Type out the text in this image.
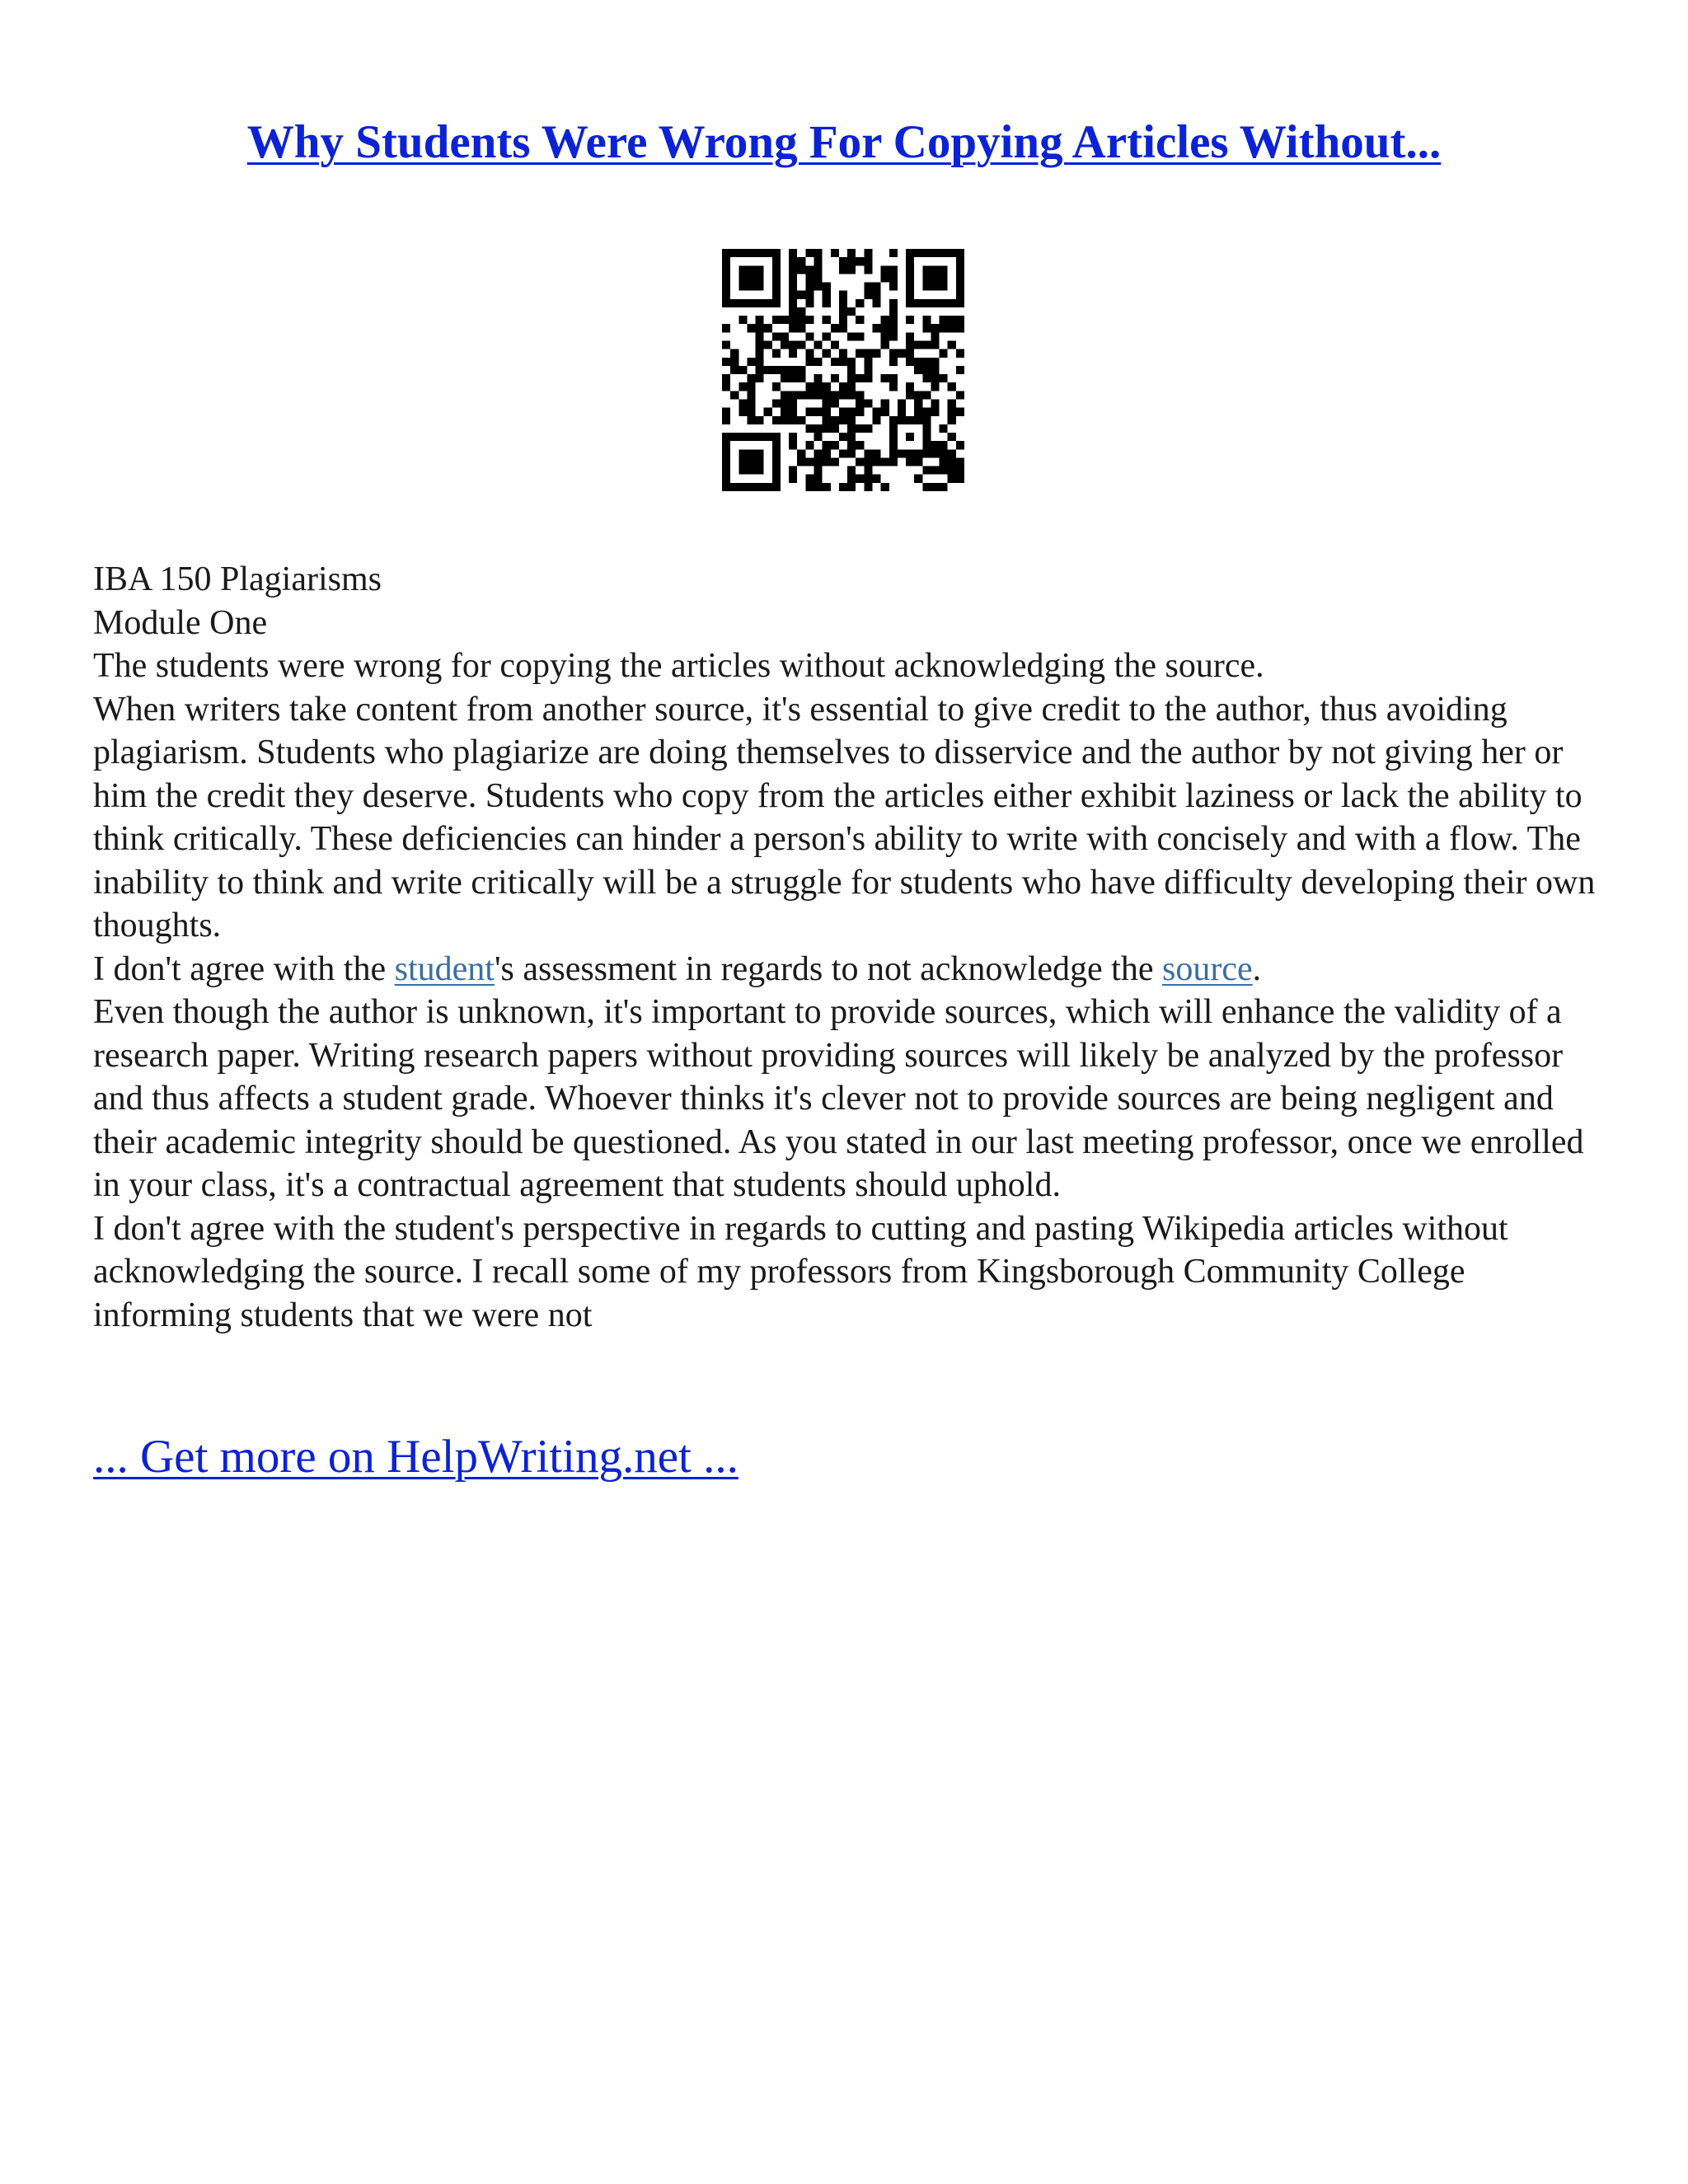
Why Students Were Wrong For Copying Articles Without...

IBA 150 Plagiarisms

Module One

The students were wrong for copying the articles without acknowledging the source.

When writers take content from another source, it's essential to give credit to the author, thus avoiding plagiarism. Students who plagiarize are doing themselves to disservice and the author by not giving her or him the credit they deserve. Students who copy from the articles either exhibit laziness or lack the ability to think critically. These deficiencies can hinder a person's ability to write with concisely and with a flow. The inability to think and write critically will be a struggle for students who have difficulty developing their own thoughts.

I don't agree with the student's assessment in regards to not acknowledge the source.

Even though the author is unknown, it's important to provide sources, which will enhance the validity of a research paper. Writing research papers without providing sources will likely be analyzed by the professor and thus affects a student grade. Whoever thinks it's clever not to provide sources are being negligent and their academic integrity should be questioned. As you stated in our last meeting professor, once we enrolled in your class, it's a contractual agreement that students should uphold.

I don't agree with the student's perspective in regards to cutting and pasting Wikipedia articles without acknowledging the source. I recall some of my professors from Kingsborough Community College informing students that we were not

... Get more on HelpWriting.net ...
